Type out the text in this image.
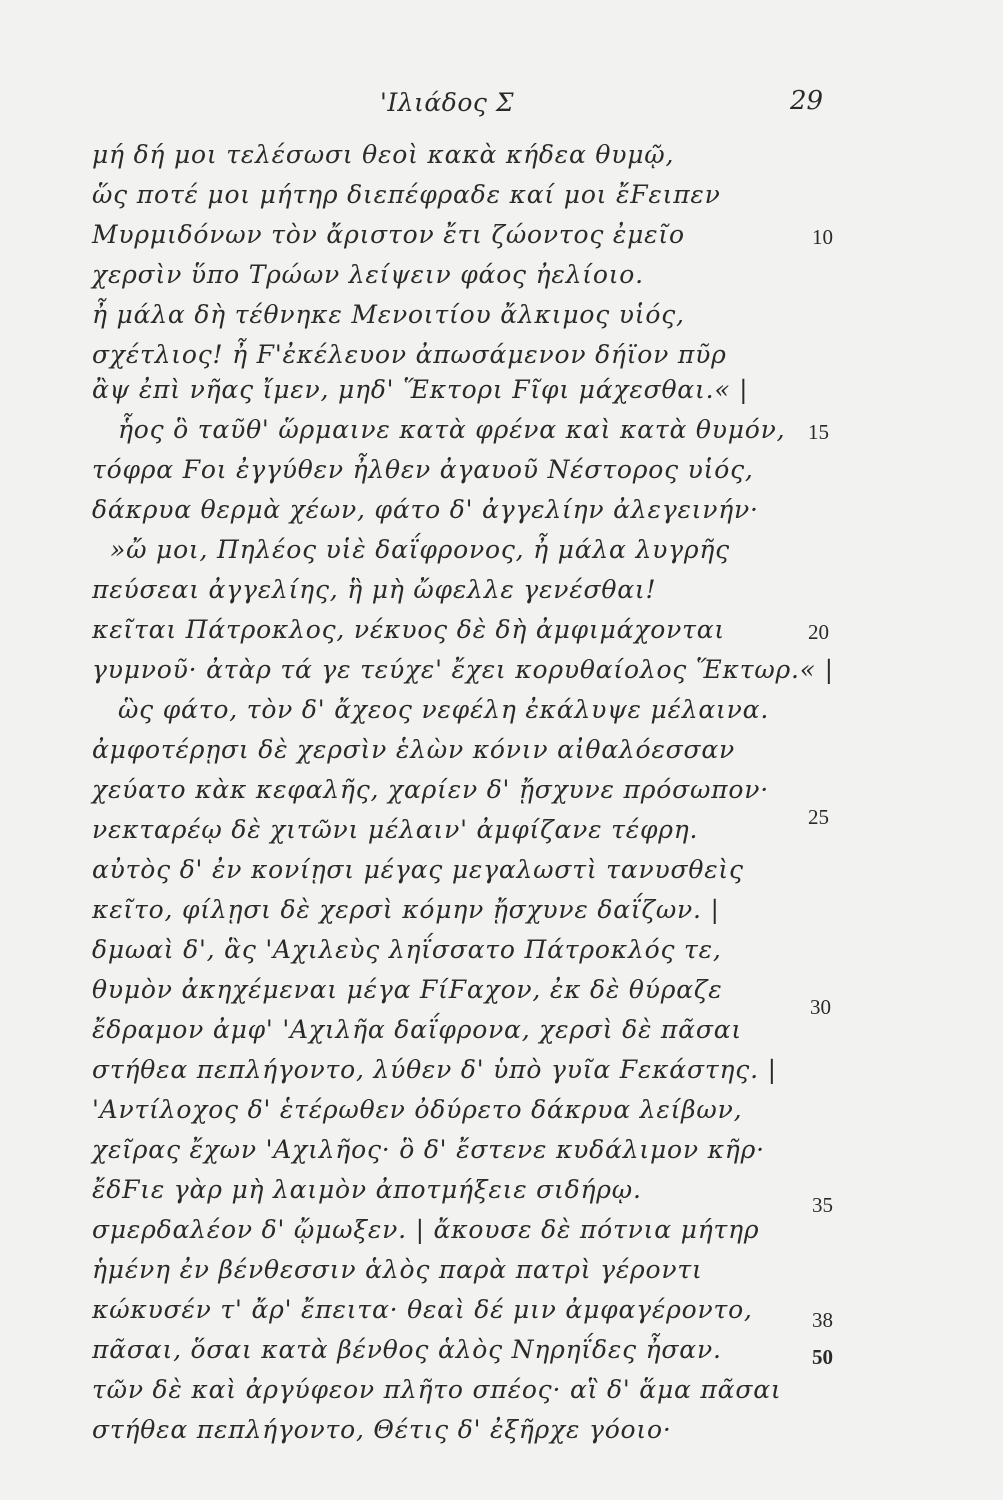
'Ιλιάδος Σ	29
μή δή μοι τελέσωσι θεοὶ κακὰ κήδεα θυμῷ,
ὥς ποτέ μοι μήτηρ διεπέφραδε καί μοι ἔϜειπεν
Μυρμιδόνων τὸν ἄριστον ἔτι ζώοντος ἐμεῖο
χερσὶν ὕπο Τρώων λείψειν φάος ἠελίοιο.
ἦ μάλα δὴ τέθνηκε Μενοιτίου ἄλκιμος υἱός,
σχέτλιος! ἦ Ϝ'ἐκέλευον ἀπωσάμενον δήϊον πῦρ
ἂψ ἐπὶ νῆας ἴμεν, μηδ' Ἕκτορι Ϝῖφι μάχεσθαι.« |
ἧος ὃ ταῦθ' ὥρμαινε κατὰ φρένα καὶ κατὰ θυμόν,
τόφρα Ϝοι ἐγγύθεν ἦλθεν ἀγαυοῦ Νέστορος υἱός,
δάκρυα θερμὰ χέων, φάτο δ' ἀγγελίην ἀλεγεινήν·
»ὤ μοι, Πηλέος υἱὲ δαΐφρονος, ἦ μάλα λυγρῆς
πεύσεαι ἀγγελίης, ἣ μὴ ὤφελλε γενέσθαι!
κεῖται Πάτροκλος, νέκυος δὲ δὴ ἀμφιμάχονται
γυμνοῦ· ἀτὰρ τά γε τεύχε' ἔχει κορυθαίολος Ἕκτωρ.« |
ὣς φάτο, τὸν δ' ἄχεος νεφέλη ἐκάλυψε μέλαινα.
ἀμφοτέρῃσι δὲ χερσὶν ἑλὼν κόνιν αἰθαλόεσσαν
χεύατο κὰκ κεφαλῆς, χαρίεν δ' ᾔσχυνε πρόσωπον·
νεκταρέῳ δὲ χιτῶνι μέλαιν' ἀμφίζανε τέφρη.
αὐτὸς δ' ἐν κονίῃσι μέγας μεγαλωστὶ τανυσθεὶς
κεῖτο, φίλῃσι δὲ χερσὶ κόμην ᾔσχυνε δαΐζων. |
δμωαὶ δ', ἃς 'Αχιλεὺς ληΐσσατο Πάτροκλός τε,
θυμὸν ἀκηχέμεναι μέγα ϜίϜαχον, ἐκ δὲ θύραζε
ἔδραμον ἀμφ' 'Αχιλῆα δαΐφρονα, χερσὶ δὲ πᾶσαι
στήθεα πεπλήγοντο, λύθεν δ' ὑπὸ γυῖα Ϝεκάστης. |
'Αντίλοχος δ' ἑτέρωθεν ὀδύρετο δάκρυα λείβων,
χεῖρας ἔχων 'Αχιλῆος· ὃ δ' ἔστενε κυδάλιμον κῆρ·
ἔδϜιε γὰρ μὴ λαιμὸν ἀποτμήξειε σιδήρῳ.
σμερδαλέον δ' ᾤμωξεν. | ἄκουσε δὲ πότνια μήτηρ
ἡμένη ἐν βένθεσσιν ἁλὸς παρὰ πατρὶ γέροντι
κώκυσέν τ' ἄρ' ἔπειτα· θεαὶ δέ μιν ἀμφαγέροντο,
πᾶσαι, ὅσαι κατὰ βένθος ἁλὸς Νηρηΐδες ἦσαν.
τῶν δὲ καὶ ἀργύφεον πλῆτο σπέος· αἳ δ' ἅμα πᾶσαι
στήθεα πεπλήγοντο, Θέτις δ' ἐξῆρχε γόοιο·
10
15
20
25
30
35
38
50
